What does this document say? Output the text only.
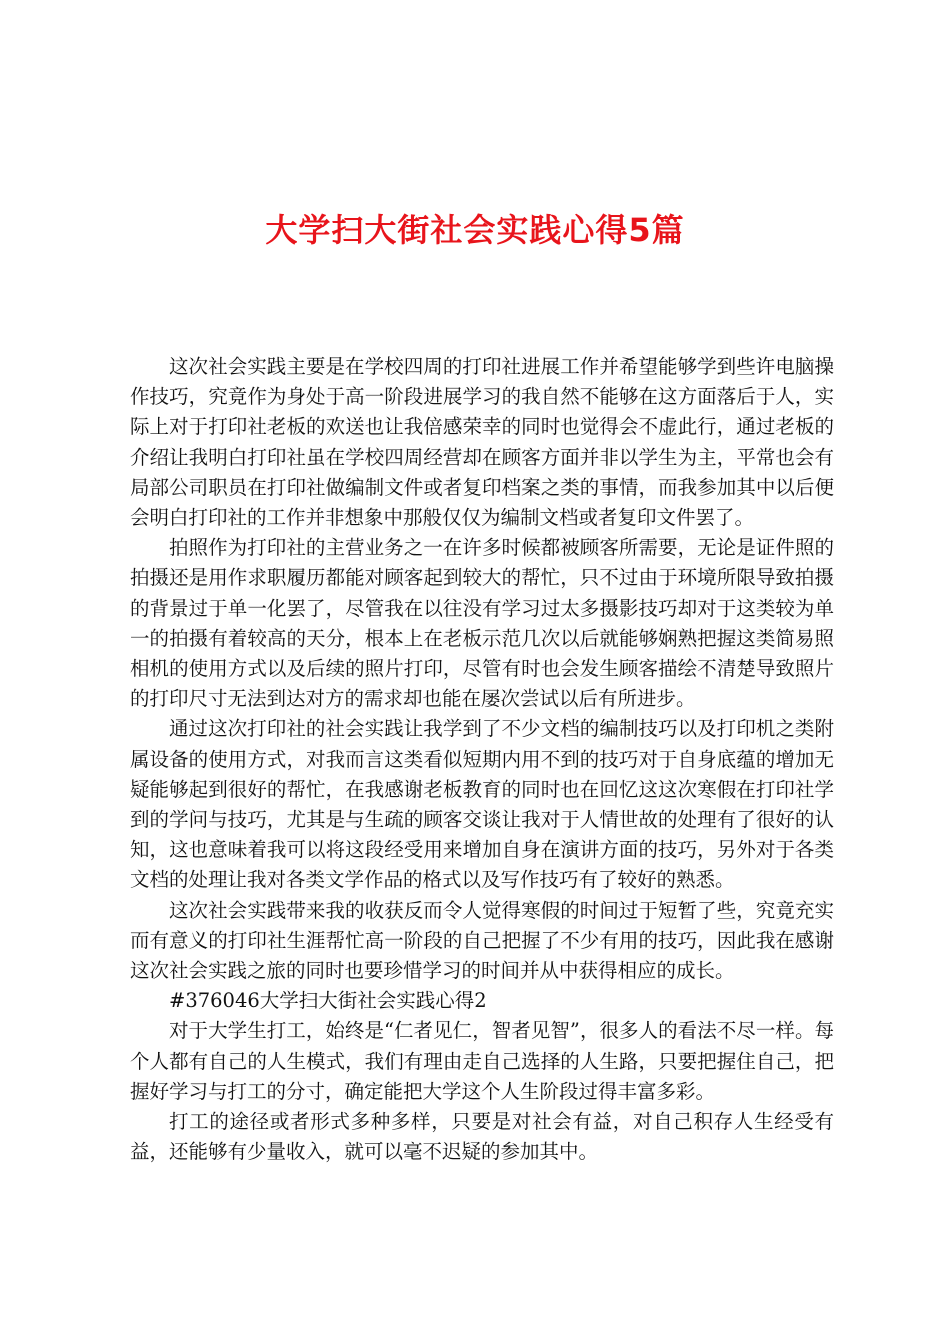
大学扫大街社会实践心得5篇

这次社会实践主要是在学校四周的打印社进展工作并希望能够学到些许电脑操作技巧，究竟作为身处于高一阶段进展学习的我自然不能够在这方面落后于人，实际上对于打印社老板的欢送也让我倍感荣幸的同时也觉得会不虚此行，通过老板的介绍让我明白打印社虽在学校四周经营却在顾客方面并非以学生为主，平常也会有局部公司职员在打印社做编制文件或者复印档案之类的事情，而我参加其中以后便会明白打印社的工作并非想象中那般仅仅为编制文档或者复印文件罢了。

拍照作为打印社的主营业务之一在许多时候都被顾客所需要，无论是证件照的拍摄还是用作求职履历都能对顾客起到较大的帮忙，只不过由于环境所限导致拍摄的背景过于单一化罢了，尽管我在以往没有学习过太多摄影技巧却对于这类较为单一的拍摄有着较高的天分，根本上在老板示范几次以后就能够娴熟把握这类简易照相机的使用方式以及后续的照片打印，尽管有时也会发生顾客描绘不清楚导致照片的打印尺寸无法到达对方的需求却也能在屡次尝试以后有所进步。

通过这次打印社的社会实践让我学到了不少文档的编制技巧以及打印机之类附属设备的使用方式，对我而言这类看似短期内用不到的技巧对于自身底蕴的增加无疑能够起到很好的帮忙，在我感谢老板教育的同时也在回忆这这次寒假在打印社学到的学问与技巧，尤其是与生疏的顾客交谈让我对于人情世故的处理有了很好的认知，这也意味着我可以将这段经受用来增加自身在演讲方面的技巧，另外对于各类文档的处理让我对各类文学作品的格式以及写作技巧有了较好的熟悉。

这次社会实践带来我的收获反而令人觉得寒假的时间过于短暂了些，究竟充实而有意义的打印社生涯帮忙高一阶段的自己把握了不少有用的技巧，因此我在感谢这次社会实践之旅的同时也要珍惜学习的时间并从中获得相应的成长。

#376046大学扫大街社会实践心得2

对于大学生打工，始终是“仁者见仁，智者见智”，很多人的看法不尽一样。每个人都有自己的人生模式，我们有理由走自己选择的人生路，只要把握住自己，把握好学习与打工的分寸，确定能把大学这个人生阶段过得丰富多彩。

打工的途径或者形式多种多样，只要是对社会有益，对自己积存人生经受有益，还能够有少量收入，就可以毫不迟疑的参加其中。
